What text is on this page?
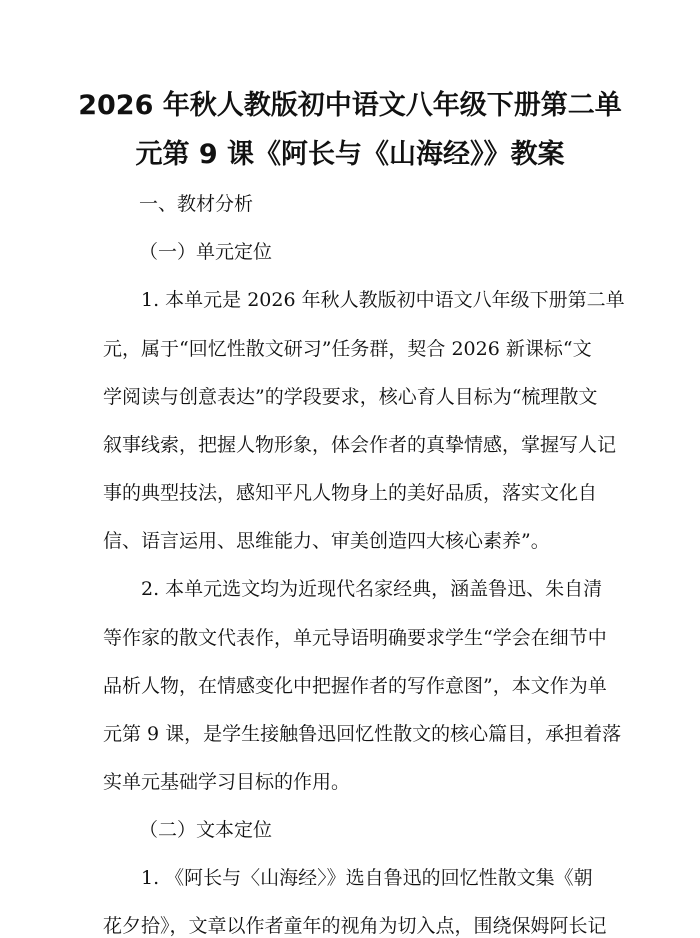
2026 年秋人教版初中语文八年级下册第二单
元第 9 课《阿长与《山海经》》教案
一、教材分析
（一）单元定位
1. 本单元是 2026 年秋人教版初中语文八年级下册第二单
元，属于“回忆性散文研习”任务群，契合 2026 新课标“文
学阅读与创意表达”的学段要求，核心育人目标为“梳理散文
叙事线索，把握人物形象，体会作者的真挚情感，掌握写人记
事的典型技法，感知平凡人物身上的美好品质，落实文化自
信、语言运用、思维能力、审美创造四大核心素养”。
2. 本单元选文均为近现代名家经典，涵盖鲁迅、朱自清
等作家的散文代表作，单元导语明确要求学生“学会在细节中
品析人物，在情感变化中把握作者的写作意图”，本文作为单
元第 9 课，是学生接触鲁迅回忆性散文的核心篇目，承担着落
实单元基础学习目标的作用。
（二）文本定位
1. 《阿长与〈山海经〉》选自鲁迅的回忆性散文集《朝
花夕拾》，文章以作者童年的视角为切入点，围绕保姆阿长记
